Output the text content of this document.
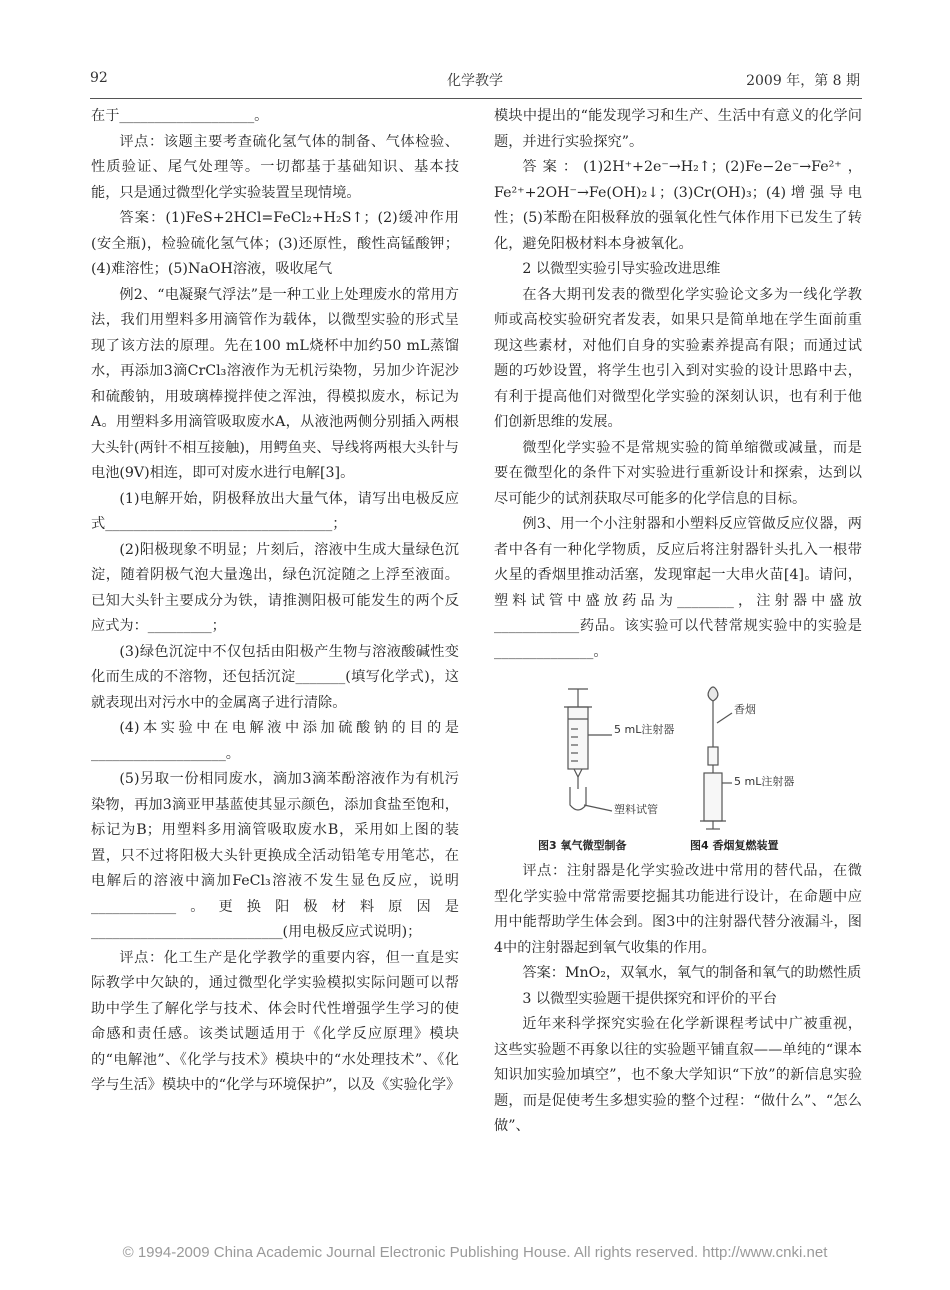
92	化学教学	2009 年，第 8 期

在于___________________。

评点：该题主要考查硫化氢气体的制备、气体检验、性质验证、尾气处理等。一切都基于基础知识、基本技能，只是通过微型化学实验装置呈现情境。

答案：(1)FeS+2HCl=FeCl₂+H₂S↑；(2)缓冲作用(安全瓶)，检验硫化氢气体；(3)还原性，酸性高锰酸钾；(4)难溶性；(5)NaOH溶液，吸收尾气

例2、“电凝聚气浮法”是一种工业上处理废水的常用方法，我们用塑料多用滴管作为载体，以微型实验的形式呈现了该方法的原理。先在100 mL烧杯中加约50 mL蒸馏水，再添加3滴CrCl₃溶液作为无机污染物，另加少许泥沙和硫酸钠，用玻璃棒搅拌使之浑浊，得模拟废水，标记为A。用塑料多用滴管吸取废水A，从液池两侧分别插入两根大头针(两针不相互接触)，用鳄鱼夹、导线将两根大头针与电池(9V)相连，即可对废水进行电解[3]。

(1)电解开始，阴极释放出大量气体，请写出电极反应式________________________________；

(2)阳极现象不明显；片刻后，溶液中生成大量绿色沉淀，随着阴极气泡大量逸出，绿色沉淀随之上浮至液面。已知大头针主要成分为铁，请推测阳极可能发生的两个反应式为：_________；

(3)绿色沉淀中不仅包括由阳极产生物与溶液酸碱性变化而生成的不溶物，还包括沉淀_______(填写化学式)，这就表现出对污水中的金属离子进行清除。

(4)本实验中在电解液中添加硫酸钠的目的是___________________。

(5)另取一份相同废水，滴加3滴苯酚溶液作为有机污染物，再加3滴亚甲基蓝使其显示颜色，添加食盐至饱和，标记为B；用塑料多用滴管吸取废水B，采用如上图的装置，只不过将阳极大头针更换成全活动铅笔专用笔芯，在电解后的溶液中滴加FeCl₃溶液不发生显色反应，说明____________。更换阳极材料原因是___________________________(用电极反应式说明)；

评点：化工生产是化学教学的重要内容，但一直是实际教学中欠缺的，通过微型化学实验模拟实际问题可以帮助中学生了解化学与技术、体会时代性增强学生学习的使命感和责任感。该类试题适用于《化学反应原理》模块的“电解池”、《化学与技术》模块中的“水处理技术”、《化学与生活》模块中的“化学与环境保护”，以及《实验化学》

模块中提出的“能发现学习和生产、生活中有意义的化学问题，并进行实验探究”。

答案：(1)2H⁺+2e⁻→H₂↑；(2)Fe−2e⁻→Fe²⁺，Fe²⁺+2OH⁻→Fe(OH)₂↓；(3)Cr(OH)₃；(4)增强导电性；(5)苯酚在阳极释放的强氧化性气体作用下已发生了转化，避免阳极材料本身被氧化。

2 以微型实验引导实验改进思维

在各大期刊发表的微型化学实验论文多为一线化学教师或高校实验研究者发表，如果只是简单地在学生面前重现这些素材，对他们自身的实验素养提高有限；而通过试题的巧妙设置，将学生也引入到对实验的设计思路中去，有利于提高他们对微型化学实验的深刻认识，也有利于他们创新思维的发展。

微型化学实验不是常规实验的简单缩微或减量，而是要在微型化的条件下对实验进行重新设计和探索，达到以尽可能少的试剂获取尽可能多的化学信息的目标。

例3、用一个小注射器和小塑料反应管做反应仪器，两者中各有一种化学物质，反应后将注射器针头扎入一根带火星的香烟里推动活塞，发现窜起一大串火苗[4]。请问，塑料试管中盛放药品为________，注射器中盛放____________药品。该实验可以代替常规实验中的实验是______________。

5 mL注射器
塑料试管
香烟
5 mL注射器
图3 氧气微型制备	图4 香烟复燃装置

评点：注射器是化学实验改进中常用的替代品，在微型化学实验中常常需要挖掘其功能进行设计，在命题中应用中能帮助学生体会到。图3中的注射器代替分液漏斗，图4中的注射器起到氧气收集的作用。

答案：MnO₂，双氧水，氧气的制备和氧气的助燃性质

3 以微型实验题干提供探究和评价的平台

近年来科学探究实验在化学新课程考试中广被重视，这些实验题不再象以往的实验题平铺直叙——单纯的“课本知识加实验加填空”，也不象大学知识“下放”的新信息实验题，而是促使考生多想实验的整个过程：“做什么”、“怎么做”、

© 1994-2009 China Academic Journal Electronic Publishing House. All rights reserved. http://www.cnki.net
